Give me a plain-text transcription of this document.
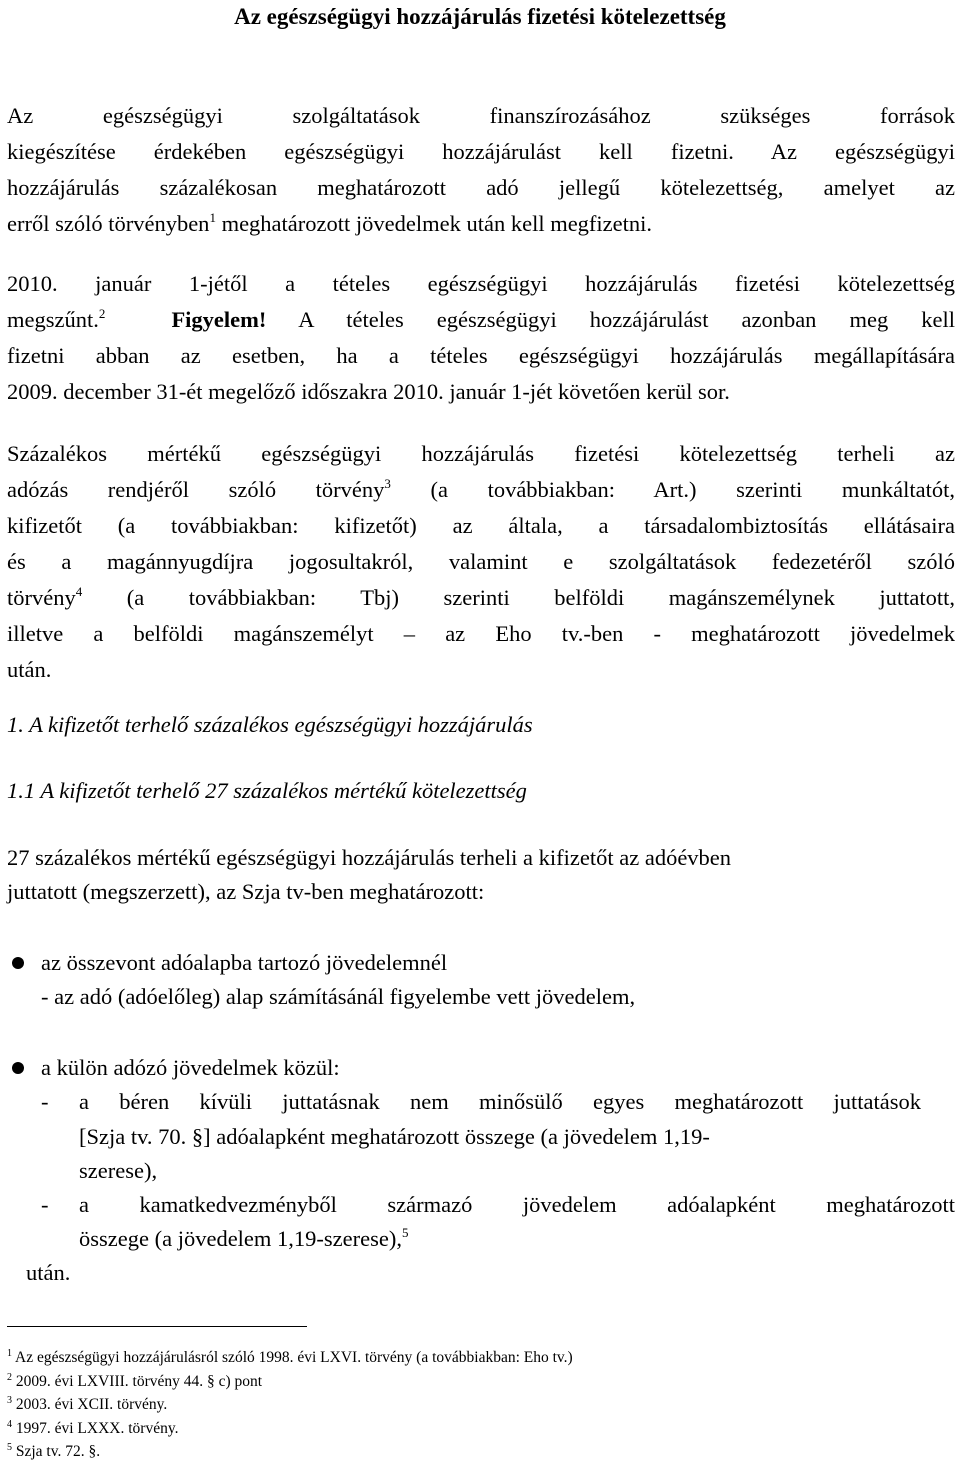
Az egészségügyi hozzájárulás fizetési kötelezettség
Az egészségügyi szolgáltatások finanszírozásához szükséges források
kiegészítése érdekében egészségügyi hozzájárulást kell fizetni. Az egészségügyi
hozzájárulás százalékosan meghatározott adó jellegű kötelezettség, amelyet az
erről szóló törvényben$^1$ meghatározott jövedelmek után kell megfizetni.
2010. január 1-jétől a tételes egészségügyi hozzájárulás fizetési kötelezettség
megszűnt.$^2$	Figyelem! A tételes egészségügyi hozzájárulást azonban meg kell
fizetni abban az esetben, ha a tételes egészségügyi hozzájárulás megállapítására
2009. december 31-ét megelőző időszakra 2010. január 1-jét követően kerül sor.
Százalékos mértékű egészségügyi hozzájárulás fizetési kötelezettség terheli az
adózás rendjéről szóló törvény$^3$ (a továbbiakban: Art.) szerinti munkáltatót,
kifizetőt (a továbbiakban: kifizetőt) az általa, a társadalombiztosítás ellátásaira
és a magánnyugdíjra jogosultakról, valamint e szolgáltatások fedezetéről szóló
törvény$^4$ (a továbbiakban: Tbj) szerinti belföldi magánszemélynek juttatott,
illetve a belföldi magánszemélyt – az Eho tv.-ben - meghatározott jövedelmek
után.
1. A kifizetőt terhelő százalékos egészségügyi hozzájárulás
1.1 A kifizetőt terhelő 27 százalékos mértékű kötelezettség
27 százalékos mértékű egészségügyi hozzájárulás terheli a kifizetőt az adóévben
juttatott (megszerzett), az Szja tv-ben meghatározott:
az összevont adóalapba tartozó jövedelemnél
- az adó (adóelőleg) alap számításánál figyelembe vett jövedelem,
a külön adózó jövedelmek közül:
- a béren kívüli juttatásnak nem minősülő egyes meghatározott juttatások
[Szja tv. 70. §] adóalapként meghatározott összege (a jövedelem 1,19-
szerese),
- a kamatkedvezményből származó jövedelem adóalapként meghatározott
összege (a jövedelem 1,19-szerese),$^5$
után.
$^1$ Az egészségügyi hozzájárulásról szóló 1998. évi LXVI. törvény (a továbbiakban: Eho tv.)
$^2$ 2009. évi LXVIII. törvény 44. § c) pont
$^3$ 2003. évi XCII. törvény.
$^4$ 1997. évi LXXX. törvény.
$^5$ Szja tv. 72. §.
